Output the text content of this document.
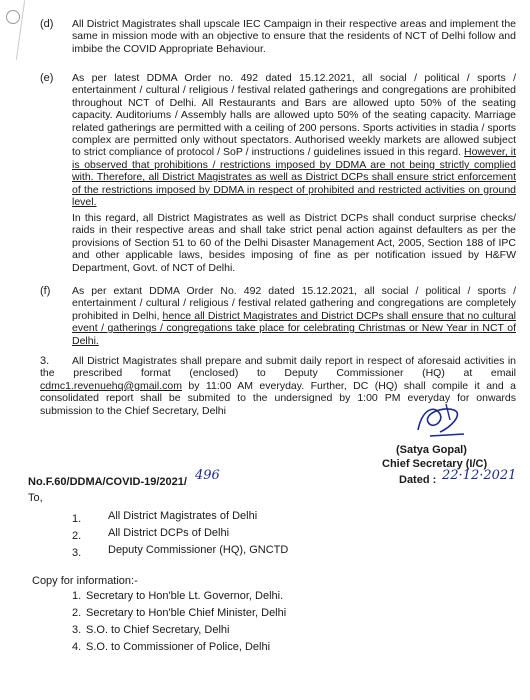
(d) All District Magistrates shall upscale IEC Campaign in their respective areas and implement the same in mission mode with an objective to ensure that the residents of NCT of Delhi follow and imbibe the COVID Appropriate Behaviour.

(e) As per latest DDMA Order no. 492 dated 15.12.2021, all social / political / sports / entertainment / cultural / religious / festival related gatherings and congregations are prohibited throughout NCT of Delhi. All Restaurants and Bars are allowed upto 50% of the seating capacity. Auditoriums / Assembly halls are allowed upto 50% of the seating capacity. Marriage related gatherings are permitted with a ceiling of 200 persons. Sports activities in stadia / sports complex are permitted only without spectators. Authorised weekly markets are allowed subject to strict compliance of protocol / SoP / instructions / guidelines issued in this regard. However, it is observed that prohibitions / restrictions imposed by DDMA are not being strictly complied with. Therefore, all District Magistrates as well as District DCPs shall ensure strict enforcement of the restrictions imposed by DDMA in respect of prohibited and restricted activities on ground level.

In this regard, all District Magistrates as well as District DCPs shall conduct surprise checks/ raids in their respective areas and shall take strict penal action against defaulters as per the provisions of Section 51 to 60 of the Delhi Disaster Management Act, 2005, Section 188 of IPC and other applicable laws, besides imposing of fine as per notification issued by H&FW Department, Govt. of NCT of Delhi.

(f) As per extant DDMA Order No. 492 dated 15.12.2021, all social / political / sports / entertainment / cultural / religious / festival related gathering and congregations are completely prohibited in Delhi, hence all District Magistrates and District DCPs shall ensure that no cultural event / gatherings / congregations take place for celebrating Christmas or New Year in NCT of Delhi.

3.	All District Magistrates shall prepare and submit daily report in respect of aforesaid activities in the prescribed format (enclosed) to Deputy Commissioner (HQ) at email cdmc1.revenuehq@gmail.com by 11:00 AM everyday. Further, DC (HQ) shall compile it and a consolidated report shall be submited to the undersigned by 1:00 PM everyday for onwards submission to the Chief Secretary, Delhi

(Satya Gopal)
Chief Secretary (I/C)
Dated : 22·12·2021
No.F.60/DDMA/COVID-19/2021/ 496
To,
1. All District Magistrates of Delhi
2. All District DCPs of Delhi
3. Deputy Commissioner (HQ), GNCTD
Copy for information:-
1. Secretary to Hon'ble Lt. Governor, Delhi.
2. Secretary to Hon'ble Chief Minister, Delhi
3. S.O. to Chief Secretary, Delhi
4. S.O. to Commissioner of Police, Delhi
